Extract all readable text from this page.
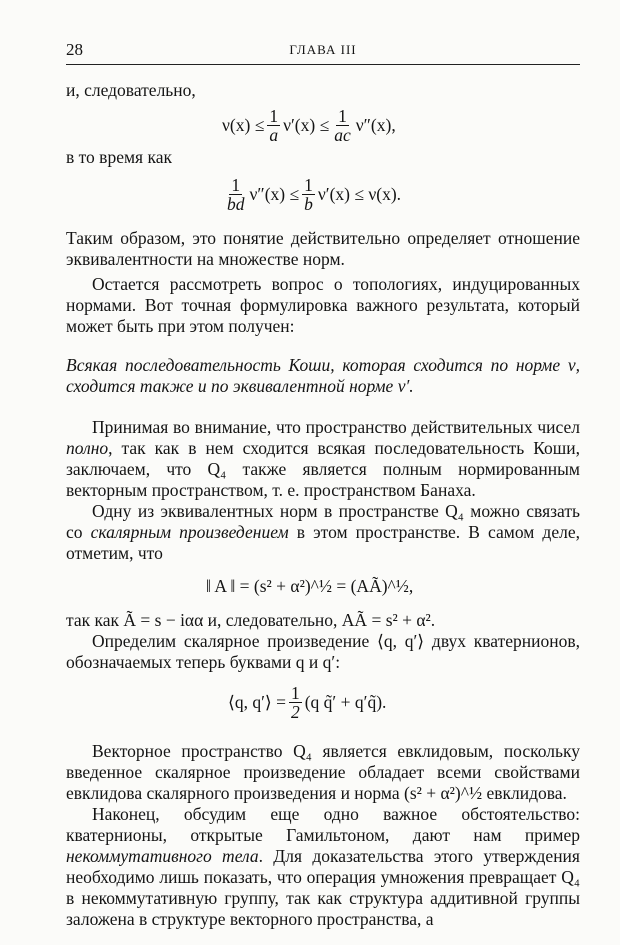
28	ГЛАВА III

и, следовательно,

$\nu(x) \le \frac{1}{a} \nu'(x) \le \frac{1}{ac} \nu''(x)$,

в то время как

1
bd $\nu''(x) \le \frac{1}{b} \nu'(x) \le \nu(x)$.

Таким образом, это понятие действительно определяет отношение эквивалентности на множестве норм.

Остается рассмотреть вопрос о топологиях, индуцированных нормами. Вот точная формулировка важного результата, который может быть при этом получен:

Всякая последовательность Коши, которая сходится по норме ν, сходится также и по эквивалентной норме ν′.

Принимая во внимание, что пространство действительных чисел полно, так как в нем сходится всякая последовательность Коши, заключаем, что Q₄ также является полным нормированным векторным пространством, т. е. пространством Банаха.

Одну из эквивалентных норм в пространстве Q₄ можно связать со скалярным произведением в этом пространстве. В самом деле, отметим, что

‖ A ‖ = (s² + α²)^½ = (AÃ)^½,

так как Ã = s − iαα и, следовательно, AÃ = s² + α².

Определим скалярное произведение ⟨q, q′⟩ двух кватернионов, обозначаемых теперь буквами q и q′:

⟨q, q′⟩ = $\frac{1}{2} (q$ q̃′ + q′q̃).

Векторное пространство Q₄ является евклидовым, поскольку введенное скалярное произведение обладает всеми свойствами евклидова скалярного произведения и норма (s² + α²)^½ евклидова.

Наконец, обсудим еще одно важное обстоятельство: кватернионы, открытые Гамильтоном, дают нам пример некоммутативного тела. Для доказательства этого утверждения необходимо лишь показать, что операция умножения превращает Q₄ в некоммутативную группу, так как структура аддитивной группы заложена в структуре векторного пространства, а
